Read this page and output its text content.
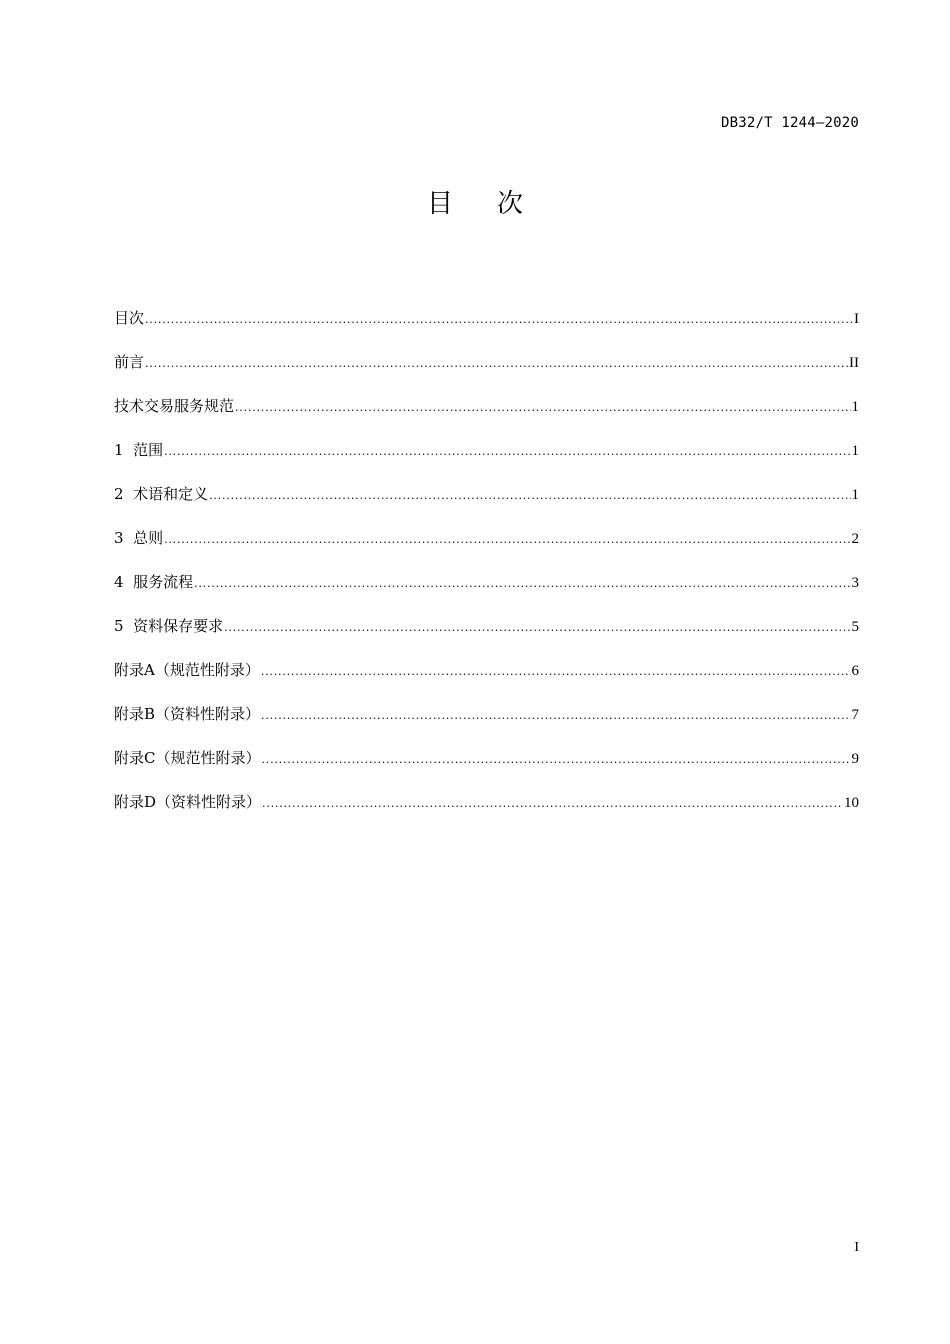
DB32/T 1244—2020
目次
目次 .....	I
前言 .....	II
技术交易服务规范 .....	1
1  范围 .....	1
2  术语和定义 .....	1
3  总则 .....	2
4  服务流程 .....	3
5  资料保存要求 .....	5
附录A（规范性附录） .....	6
附录B（资料性附录） .....	7
附录C（规范性附录） .....	9
附录D（资料性附录） .....	10
I
